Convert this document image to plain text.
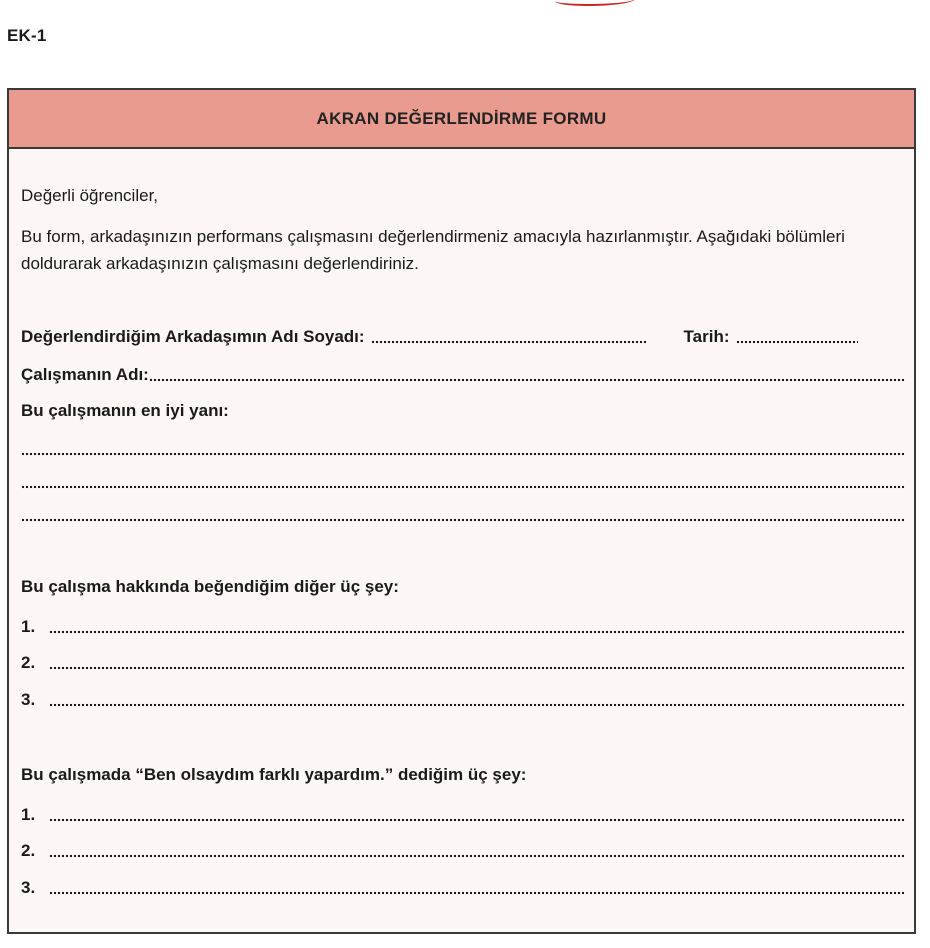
EK-1
AKRAN DEĞERLENDİRME FORMU
Değerli öğrenciler,
Bu form, arkadaşınızın performans çalışmasını değerlendirmeniz amacıyla hazırlanmıştır. Aşağıdaki bölümleri doldurarak arkadaşınızın çalışmasını değerlendiriniz.
Değerlendirdiğim Arkadaşımın Adı Soyadı:	Tarih:
Çalışmanın Adı:
Bu çalışmanın en iyi yanı:
Bu çalışma hakkında beğendiğim diğer üç şey:
1.
2.
3.
Bu çalışmada “Ben olsaydım farklı yapardım.” dediğim üç şey:
1.
2.
3.
